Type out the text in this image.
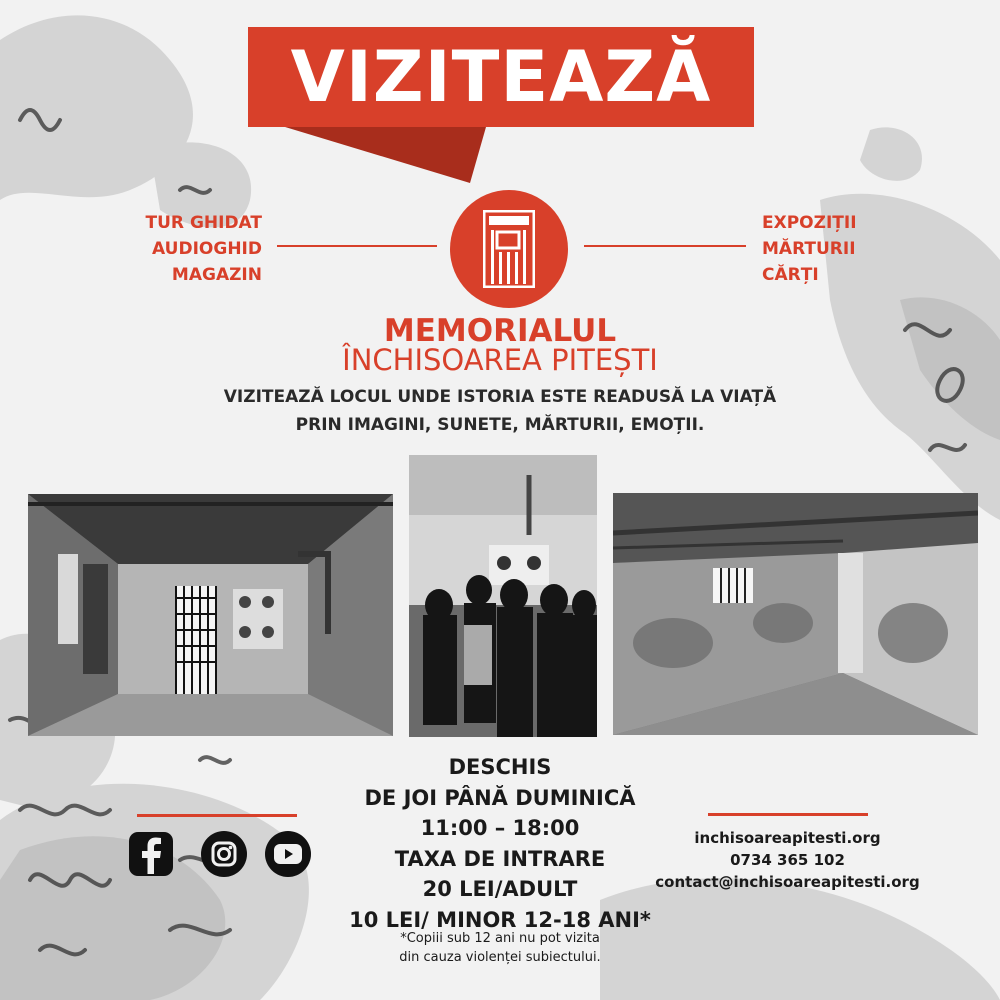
VIZITEAZĂ
TUR GHIDAT
AUDIOGHID
MAGAZIN
EXPOZIȚII
MĂRTURII
CĂRȚI
MEMORIALUL
ÎNCHISOAREA PITEȘTI
VIZITEAZĂ LOCUL UNDE ISTORIA ESTE READUSĂ LA VIAȚĂ
PRIN IMAGINI, SUNETE, MĂRTURII, EMOȚII.
DESCHIS
DE JOI PÂNĂ DUMINICĂ
11:00 – 18:00
TAXA DE INTRARE
20 LEI/ADULT
10 LEI/ MINOR 12-18 ANI*
*Copiii sub 12 ani nu pot vizita
din cauza violenței subiectului.
inchisoareapitesti.org
0734 365 102
contact@inchisoareapitesti.org
